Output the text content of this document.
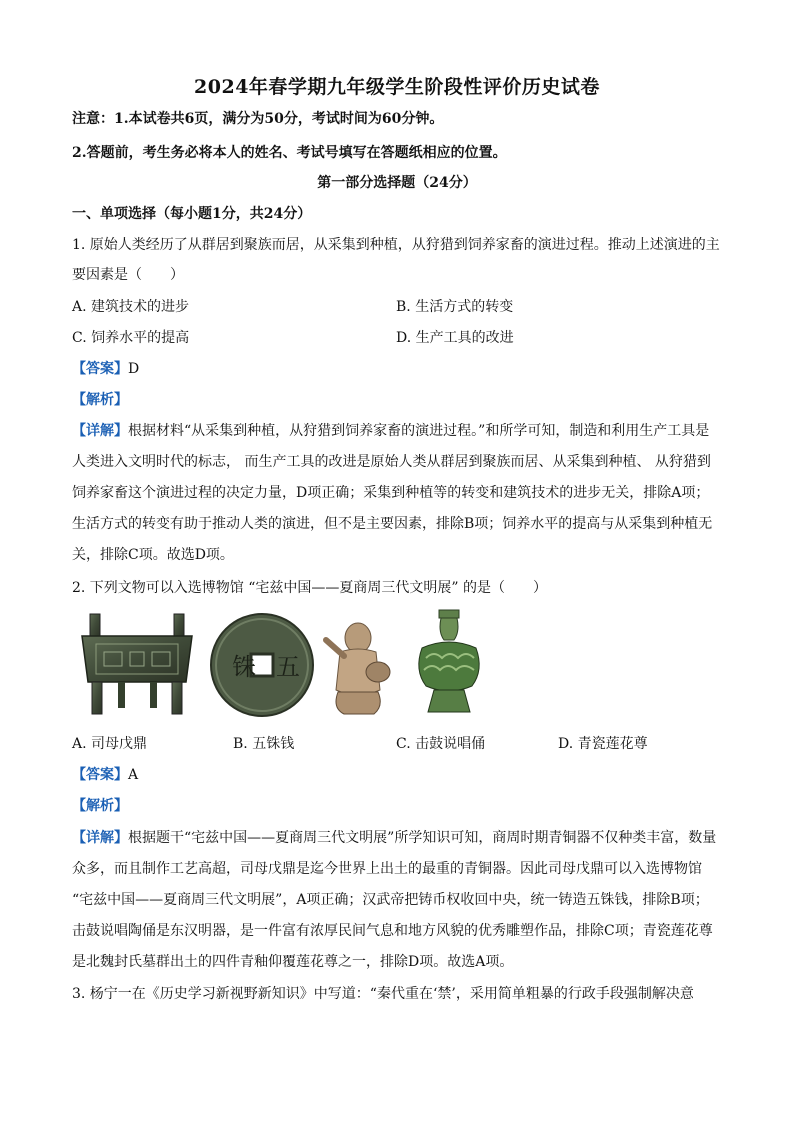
2024年春学期九年级学生阶段性评价历史试卷
注意：1.本试卷共6页，满分为50分，考试时间为60分钟。
2.答题前，考生务必将本人的姓名、考试号填写在答题纸相应的位置。
第一部分选择题（24分）
一、单项选择（每小题1分，共24分）
1. 原始人类经历了从群居到聚族而居，从采集到种植，从狩猎到饲养家畜的演进过程。推动上述演进的主
要因素是（　　）
A. 建筑技术的进步	B. 生活方式的转变
C. 饲养水平的提高	D. 生产工具的改进
【答案】D
【解析】
【详解】根据材料“从采集到种植，从狩猎到饲养家畜的演进过程。”和所学可知，制造和利用生产工具是
人类进入文明时代的标志， 而生产工具的改进是原始人类从群居到聚族而居、从采集到种植、 从狩猎到
饲养家畜这个演进过程的决定力量，D项正确；采集到种植等的转变和建筑技术的进步无关，排除A项；
生活方式的转变有助于推动人类的演进，但不是主要因素，排除B项；饲养水平的提高与从采集到种植无
关，排除C项。故选D项。
2. 下列文物可以入选博物馆 “宅兹中国——夏商周三代文明展” 的是（　　）
铢 五
A. 司母戊鼎	B. 五铢钱	C. 击鼓说唱俑	D. 青瓷莲花尊
【答案】A
【解析】
【详解】根据题干“宅兹中国——夏商周三代文明展”所学知识可知，商周时期青铜器不仅种类丰富，数量
众多，而且制作工艺高超，司母戊鼎是迄今世界上出土的最重的青铜器。因此司母戊鼎可以入选博物馆
“宅兹中国——夏商周三代文明展”，A项正确；汉武帝把铸币权收回中央，统一铸造五铢钱，排除B项；
击鼓说唱陶俑是东汉明器，是一件富有浓厚民间气息和地方风貌的优秀雕塑作品，排除C项；青瓷莲花尊
是北魏封氏墓群出土的四件青釉仰覆莲花尊之一，排除D项。故选A项。
3. 杨宁一在《历史学习新视野新知识》中写道：“秦代重在‘禁’，采用简单粗暴的行政手段强制解决意
